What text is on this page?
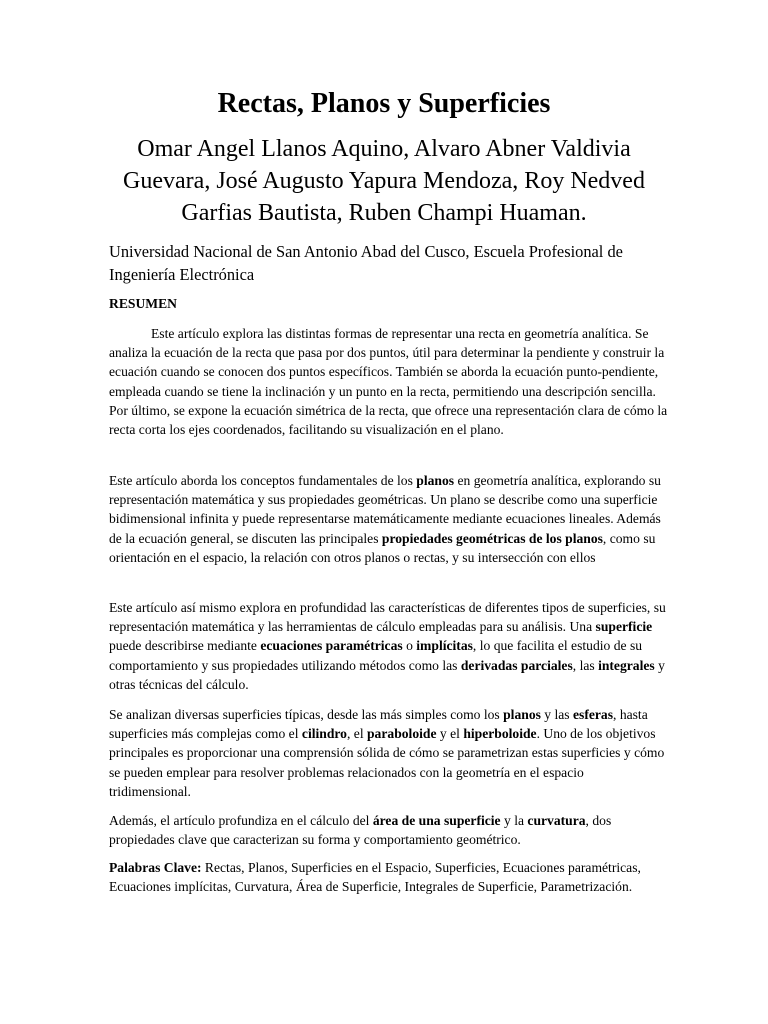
Rectas, Planos y Superficies
Omar Angel Llanos Aquino, Alvaro Abner Valdivia Guevara, José Augusto Yapura Mendoza, Roy Nedved Garfias Bautista, Ruben Champi Huaman.
Universidad Nacional de San Antonio Abad del Cusco, Escuela Profesional de Ingeniería Electrónica
RESUMEN

Este artículo explora las distintas formas de representar una recta en geometría analítica. Se analiza la ecuación de la recta que pasa por dos puntos, útil para determinar la pendiente y construir la ecuación cuando se conocen dos puntos específicos. También se aborda la ecuación punto-pendiente, empleada cuando se tiene la inclinación y un punto en la recta, permitiendo una descripción sencilla. Por último, se expone la ecuación simétrica de la recta, que ofrece una representación clara de cómo la recta corta los ejes coordenados, facilitando su visualización en el plano.

Este artículo aborda los conceptos fundamentales de los planos en geometría analítica, explorando su representación matemática y sus propiedades geométricas. Un plano se describe como una superficie bidimensional infinita y puede representarse matemáticamente mediante ecuaciones lineales. Además de la ecuación general, se discuten las principales propiedades geométricas de los planos, como su orientación en el espacio, la relación con otros planos o rectas, y su intersección con ellos

Este artículo así mismo explora en profundidad las características de diferentes tipos de superficies, su representación matemática y las herramientas de cálculo empleadas para su análisis. Una superficie puede describirse mediante ecuaciones paramétricas o implícitas, lo que facilita el estudio de su comportamiento y sus propiedades utilizando métodos como las derivadas parciales, las integrales y otras técnicas del cálculo.

Se analizan diversas superficies típicas, desde las más simples como los planos y las esferas, hasta superficies más complejas como el cilindro, el paraboloide y el hiperboloide. Uno de los objetivos principales es proporcionar una comprensión sólida de cómo se parametrizan estas superficies y cómo se pueden emplear para resolver problemas relacionados con la geometría en el espacio tridimensional.

Además, el artículo profundiza en el cálculo del área de una superficie y la curvatura, dos propiedades clave que caracterizan su forma y comportamiento geométrico.

Palabras Clave: Rectas, Planos, Superficies en el Espacio, Superficies, Ecuaciones paramétricas, Ecuaciones implícitas, Curvatura, Área de Superficie, Integrales de Superficie, Parametrización.
